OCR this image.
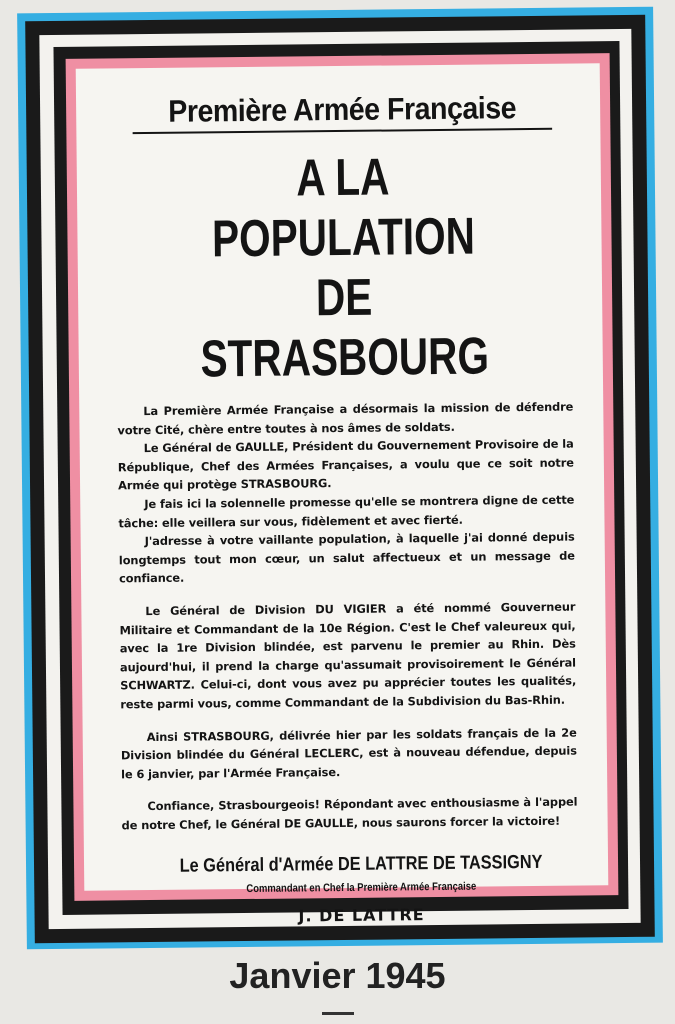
Première Armée Française
A LA POPULATION
DE STRASBOURG

La Première Armée Française a désormais la mission de défendre votre Cité, chère entre toutes à nos âmes de soldats.

Le Général de GAULLE, Président du Gouvernement Provisoire de la République, Chef des Armées Françaises, a voulu que ce soit notre Armée qui protège STRASBOURG.

Je fais ici la solennelle promesse qu'elle se montrera digne de cette tâche: elle veillera sur vous, fidèlement et avec fierté.

J'adresse à votre vaillante population, à laquelle j'ai donné depuis longtemps tout mon cœur, un salut affectueux et un message de confiance.

Le Général de Division DU VIGIER a été nommé Gouverneur Militaire et Commandant de la 10e Région. C'est le Chef valeureux qui, avec la 1re Division blindée, est parvenu le premier au Rhin. Dès aujourd'hui, il prend la charge qu'assumait provisoirement le Général SCHWARTZ. Celui-ci, dont vous avez pu apprécier toutes les qualités, reste parmi vous, comme Commandant de la Subdivision du Bas-Rhin.

Ainsi STRASBOURG, délivrée hier par les soldats français de la 2e Division blindée du Général LECLERC, est à nouveau défendue, depuis le 6 janvier, par l'Armée Française.

Confiance, Strasbourgeois! Répondant avec enthousiasme à l'appel de notre Chef, le Général DE GAULLE, nous saurons forcer la victoire!

Le Général d'Armée DE LATTRE DE TASSIGNY
Commandant en Chef la Première Armée Française
J. DE LATTRE
Janvier 1945
